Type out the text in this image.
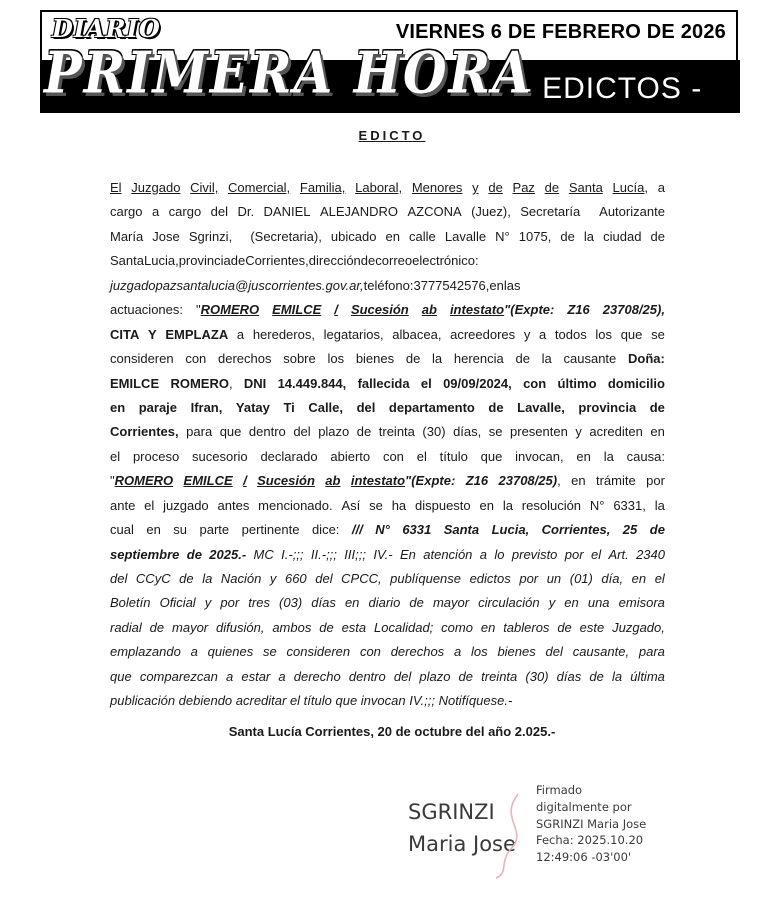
DIARIO
PRIMERA HORA
VIERNES 6 DE FEBRERO DE 2026
- EDICTOS -
EDICTO
El Juzgado Civil, Comercial, Familia, Laboral, Menores y de Paz de Santa Lucía, a
cargo a cargo del Dr. DANIEL ALEJANDRO AZCONA (Juez), Secretaría Autorizante
María Jose Sgrinzi, (Secretaria), ubicado en calle Lavalle N° 1075, de la ciudad de
SantaLucia,provinciadeCorrientes,direccióndecorreoelectrónico:
juzgadopazsantalucia@juscorrientes.gov.ar,teléfono:3777542576,enlas
actuaciones: "ROMERO EMILCE / Sucesión ab intestato"(Expte: Z16 23708/25),
CITA Y EMPLAZA a herederos, legatarios, albacea, acreedores y a todos los que se
consideren con derechos sobre los bienes de la herencia de la causante Doña:
EMILCE ROMERO, DNI 14.449.844, fallecida el 09/09/2024, con último domicilio
en paraje Ifran, Yatay Ti Calle, del departamento de Lavalle, provincia de
Corrientes, para que dentro del plazo de treinta (30) días, se presenten y acrediten en
el proceso sucesorio declarado abierto con el título que invocan, en la causa:
"ROMERO EMILCE / Sucesión ab intestato"(Expte: Z16 23708/25), en trámite por
ante el juzgado antes mencionado. Así se ha dispuesto en la resolución N° 6331, la
cual en su parte pertinente dice: /// N° 6331 Santa Lucia, Corrientes, 25 de
septiembre de 2025.- MC I.-;;; II.-;;; III;;; IV.- En atención a lo previsto por el Art. 2340
del CCyC de la Nación y 660 del CPCC, publíquense edictos por un (01) día, en el
Boletín Oficial y por tres (03) días en diario de mayor circulación y en una emisora
radial de mayor difusión, ambos de esta Localidad; como en tableros de este Juzgado,
emplazando a quienes se consideren con derechos a los bienes del causante, para
que comparezcan a estar a derecho dentro del plazo de treinta (30) días de la última
publicación debiendo acreditar el título que invocan IV.;;; Notifíquese.-
Santa Lucía Corrientes, 20 de octubre del año 2.025.-
SGRINZI
Maria Jose
Firmado
digitalmente por
SGRINZI Maria Jose
Fecha: 2025.10.20
12:49:06 -03'00'
